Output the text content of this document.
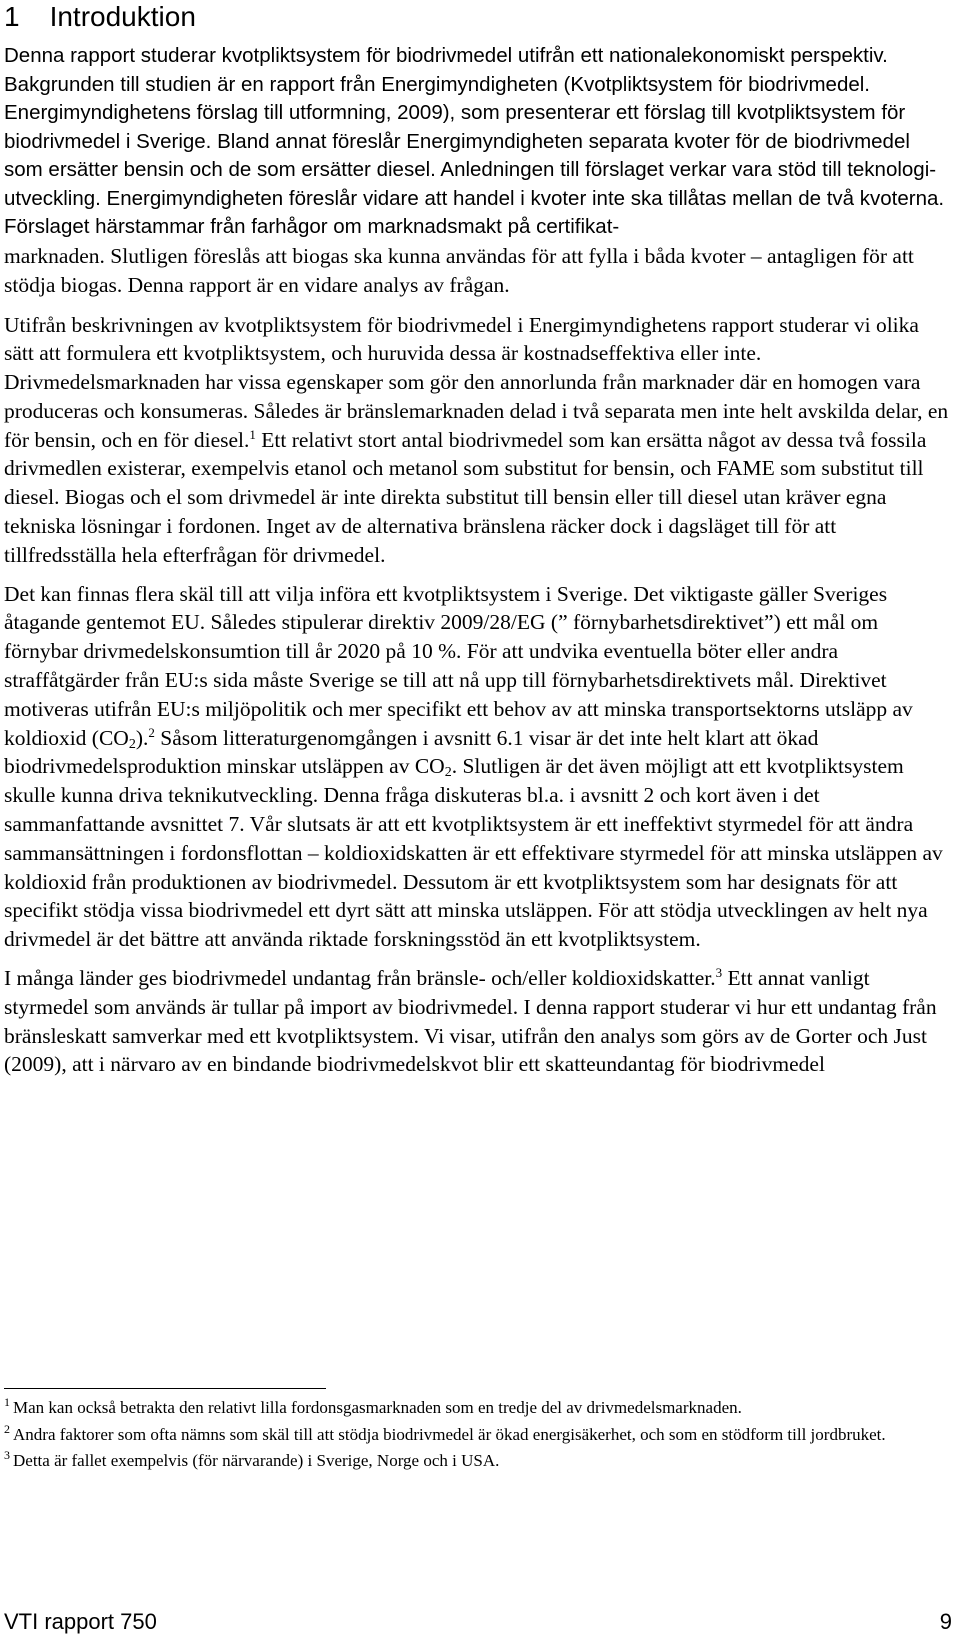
1 Introduktion

Denna rapport studerar kvotpliktsystem för biodrivmedel utifrån ett nationalekonomiskt perspektiv. Bakgrunden till studien är en rapport från Energimyndigheten (Kvotpliktsystem för biodrivmedel. Energimyndighetens förslag till utformning, 2009), som presenterar ett förslag till kvotpliktsystem för biodrivmedel i Sverige. Bland annat föreslår Energimyndigheten separata kvoter för de biodrivmedel som ersätter bensin och de som ersätter diesel. Anledningen till förslaget verkar vara stöd till teknologi-
utveckling. Energimyndigheten föreslår vidare att handel i kvoter inte ska tillåtas mellan de två kvoterna. Förslaget härstammar från farhågor om marknadsmakt på certifikat-
marknaden. Slutligen föreslås att biogas ska kunna användas för att fylla i båda kvoter – antagligen för att stödja biogas. Denna rapport är en vidare analys av frågan.

Utifrån beskrivningen av kvotpliktsystem för biodrivmedel i Energimyndighetens rapport studerar vi olika sätt att formulera ett kvotpliktsystem, och huruvida dessa är kostnadseffektiva eller inte. Drivmedelsmarknaden har vissa egenskaper som gör den annorlunda från marknader där en homogen vara produceras och konsumeras. Således är bränslemarknaden delad i två separata men inte helt avskilda delar, en för bensin, och en för diesel.$^1$ Ett relativt stort antal biodrivmedel som kan ersätta något av dessa två fossila drivmedlen existerar, exempelvis etanol och metanol som substitut for bensin, och FAME som substitut till diesel. Biogas och el som drivmedel är inte direkta substitut till bensin eller till diesel utan kräver egna tekniska lösningar i fordonen. Inget av de alternativa bränslena räcker dock i dagsläget till för att tillfredsställa hela efterfrågan för drivmedel.

Det kan finnas flera skäl till att vilja införa ett kvotpliktsystem i Sverige. Det viktigaste gäller Sveriges åtagande gentemot EU. Således stipulerar direktiv 2009/28/EG (” förnybarhetsdirektivet”) ett mål om förnybar drivmedelskonsumtion till år 2020 på 10 %. För att undvika eventuella böter eller andra straffåtgärder från EU:s sida måste Sverige se till att nå upp till förnybarhetsdirektivets mål. Direktivet motiveras utifrån EU:s miljöpolitik och mer specifikt ett behov av att minska transportsektorns utsläpp av koldioxid $(CO_2).^2$ Såsom litteraturgenomgången i avsnitt 6.1 visar är det inte helt klart att ökad biodrivmedelsproduktion minskar utsläppen av $CO_2$. Slutligen är det även möjligt att ett kvotpliktsystem skulle kunna driva teknikutveckling. Denna fråga diskuteras bl.a. i avsnitt 2 och kort även i det sammanfattande avsnittet 7. Vår slutsats är att ett kvotpliktsystem är ett ineffektivt styrmedel för att ändra sammansättningen i fordonsflottan – koldioxidskatten är ett effektivare styrmedel för att minska utsläppen av koldioxid från produktionen av biodrivmedel. Dessutom är ett kvotpliktsystem som har designats för att specifikt stödja vissa biodrivmedel ett dyrt sätt att minska utsläppen. För att stödja utvecklingen av helt nya drivmedel är det bättre att använda riktade forskningsstöd än ett kvotpliktsystem.

I många länder ges biodrivmedel undantag från bränsle- och/eller koldioxidskatter.$^3$ Ett annat vanligt styrmedel som används är tullar på import av biodrivmedel. I denna rapport studerar vi hur ett undantag från bränsleskatt samverkar med ett kvotpliktsystem. Vi visar, utifrån den analys som görs av de Gorter och Just (2009), att i närvaro av en bindande biodrivmedelskvot blir ett skatteundantag för biodrivmedel

$^1$ Man kan också betrakta den relativt lilla fordonsgasmarknaden som en tredje del av drivmedelsmarknaden.
$^2$ Andra faktorer som ofta nämns som skäl till att stödja biodrivmedel är ökad energisäkerhet, och som en stödform till jordbruket.
$^3$ Detta är fallet exempelvis (för närvarande) i Sverige, Norge och i USA.
VTI rapport 750	9
